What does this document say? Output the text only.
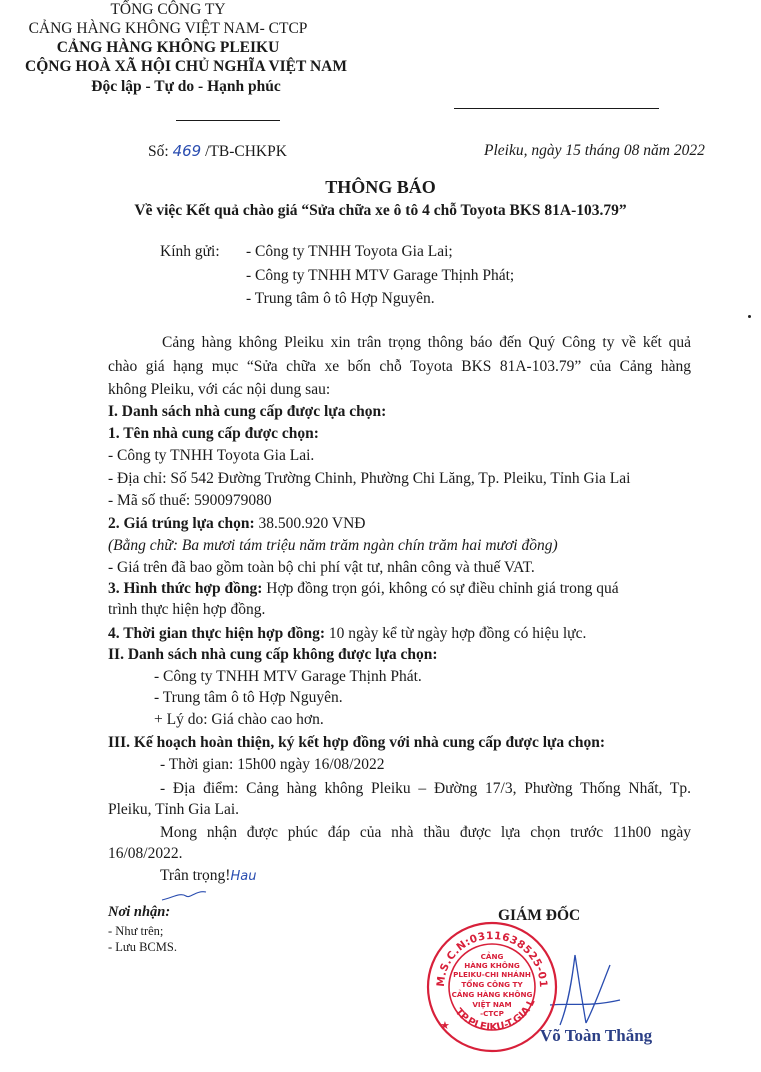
TỔNG CÔNG TY
CẢNG HÀNG KHÔNG VIỆT NAM- CTCP
CẢNG HÀNG KHÔNG PLEIKU
Số: 469 /TB-CHKPK
CỘNG HOÀ XÃ HỘI CHỦ NGHĨA VIỆT NAM
Độc lập - Tự do - Hạnh phúc
Pleiku, ngày 15 tháng 08 năm 2022
THÔNG BÁO
Về việc Kết quả chào giá “Sửa chữa xe ô tô 4 chỗ Toyota BKS 81A-103.79”
Kính gửi: - Công ty TNHH Toyota Gia Lai;
- Công ty TNHH MTV Garage Thịnh Phát;
- Trung tâm ô tô Hợp Nguyên.
Cảng hàng không Pleiku xin trân trọng thông báo đến Quý Công ty về kết quả
chào giá hạng mục “Sửa chữa xe bốn chỗ Toyota BKS 81A-103.79” của Cảng hàng
không Pleiku, với các nội dung sau:
I. Danh sách nhà cung cấp được lựa chọn:
1. Tên nhà cung cấp được chọn:
- Công ty TNHH Toyota Gia Lai.
- Địa chỉ: Số 542 Đường Trường Chinh, Phường Chi Lăng, Tp. Pleiku, Tỉnh Gia Lai
- Mã số thuế: 5900979080
2. Giá trúng lựa chọn: 38.500.920 VNĐ
(Bằng chữ: Ba mươi tám triệu năm trăm ngàn chín trăm hai mươi đồng)
- Giá trên đã bao gồm toàn bộ chi phí vật tư, nhân công và thuế VAT.
3. Hình thức hợp đồng: Hợp đồng trọn gói, không có sự điều chỉnh giá trong quá
trình thực hiện hợp đồng.
4. Thời gian thực hiện hợp đồng: 10 ngày kể từ ngày hợp đồng có hiệu lực.
II. Danh sách nhà cung cấp không được lựa chọn:
- Công ty TNHH MTV Garage Thịnh Phát.
- Trung tâm ô tô Hợp Nguyên.
+ Lý do: Giá chào cao hơn.
III. Kế hoạch hoàn thiện, ký kết hợp đồng với nhà cung cấp được lựa chọn:
- Thời gian: 15h00 ngày 16/08/2022
- Địa điểm: Cảng hàng không Pleiku – Đường 17/3, Phường Thống Nhất, Tp.
Pleiku, Tỉnh Gia Lai.
Mong nhận được phúc đáp của nhà thầu được lựa chọn trước 11h00 ngày
16/08/2022.
Trân trọng!Hau
Nơi nhận:
- Như trên;
- Lưu BCMS.
GIÁM ĐỐC
M.S.C.N:0311638525-01
TP.PLEIKU-T.GIA L
★
CẢNG
HÀNG KHÔNG
PLEIKU-CHI NHÁNH
TỔNG CÔNG TY
CẢNG HÀNG KHÔNG
VIỆT NAM
-CTCP
Võ Toàn Thắng
